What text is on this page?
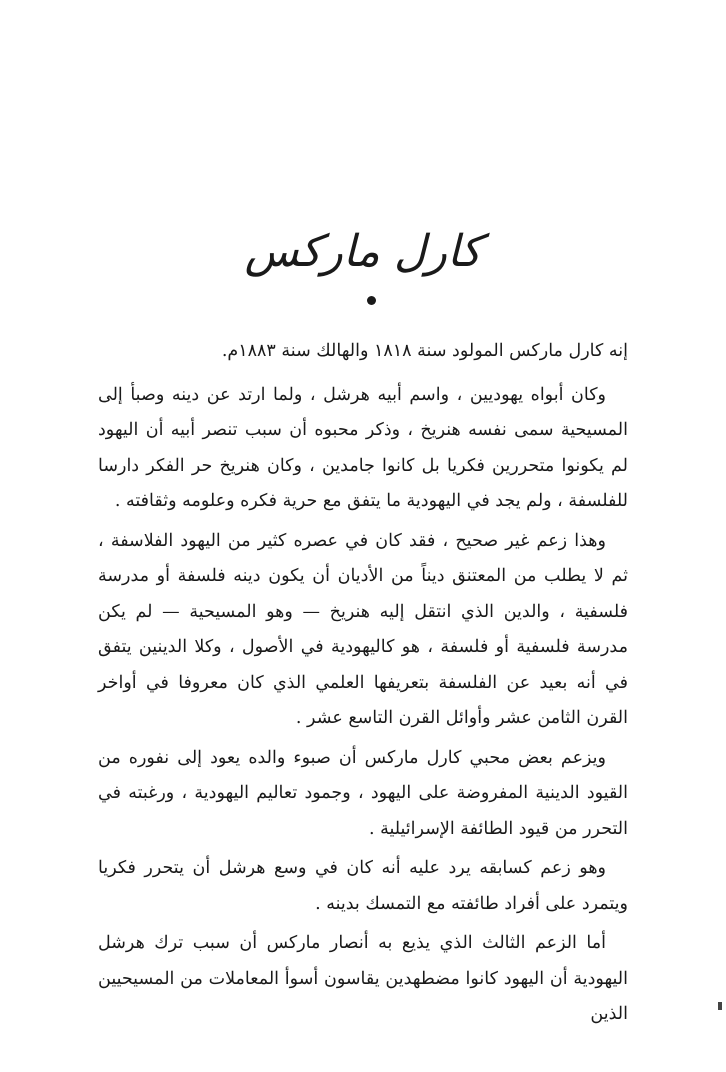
كارل ماركس

إنه كارل ماركس المولود سنة ١٨١٨ والهالك سنة ١٨٨٣م.

وكان أبواه يهوديين ، واسم أبيه هرشل ، ولما ارتد عن دينه وصبأ إلى المسيحية سمى نفسه هنريخ ، وذكر محبوه أن سبب تنصر أبيه أن اليهود لم يكونوا متحررين فكريا بل كانوا جامدين ، وكان هنريخ حر الفكر دارسا للفلسفة ، ولم يجد في اليهودية ما يتفق مع حرية فكره وعلومه وثقافته .

وهذا زعم غير صحيح ، فقد كان في عصره كثير من اليهود الفلاسفة ، ثم لا يطلب من المعتنق ديناً من الأديان أن يكون دينه فلسفة أو مدرسة فلسفية ، والدين الذي انتقل إليه هنريخ — وهو المسيحية — لم يكن مدرسة فلسفية أو فلسفة ، هو كاليهودية في الأصول ، وكلا الدينين يتفق في أنه بعيد عن الفلسفة بتعريفها العلمي الذي كان معروفا في أواخر القرن الثامن عشر وأوائل القرن التاسع عشر .

ويزعم بعض محبي كارل ماركس أن صبوء والده يعود إلى نفوره من القيود الدينية المفروضة على اليهود ، وجمود تعاليم اليهودية ، ورغبته في التحرر من قيود الطائفة الإسرائيلية .

وهو زعم كسابقه يرد عليه أنه كان في وسع هرشل أن يتحرر فكريا ويتمرد على أفراد طائفته مع التمسك بدينه .

أما الزعم الثالث الذي يذيع به أنصار ماركس أن سبب ترك هرشل اليهودية أن اليهود كانوا مضطهدين يقاسون أسوأ المعاملات من المسيحيين الذين
